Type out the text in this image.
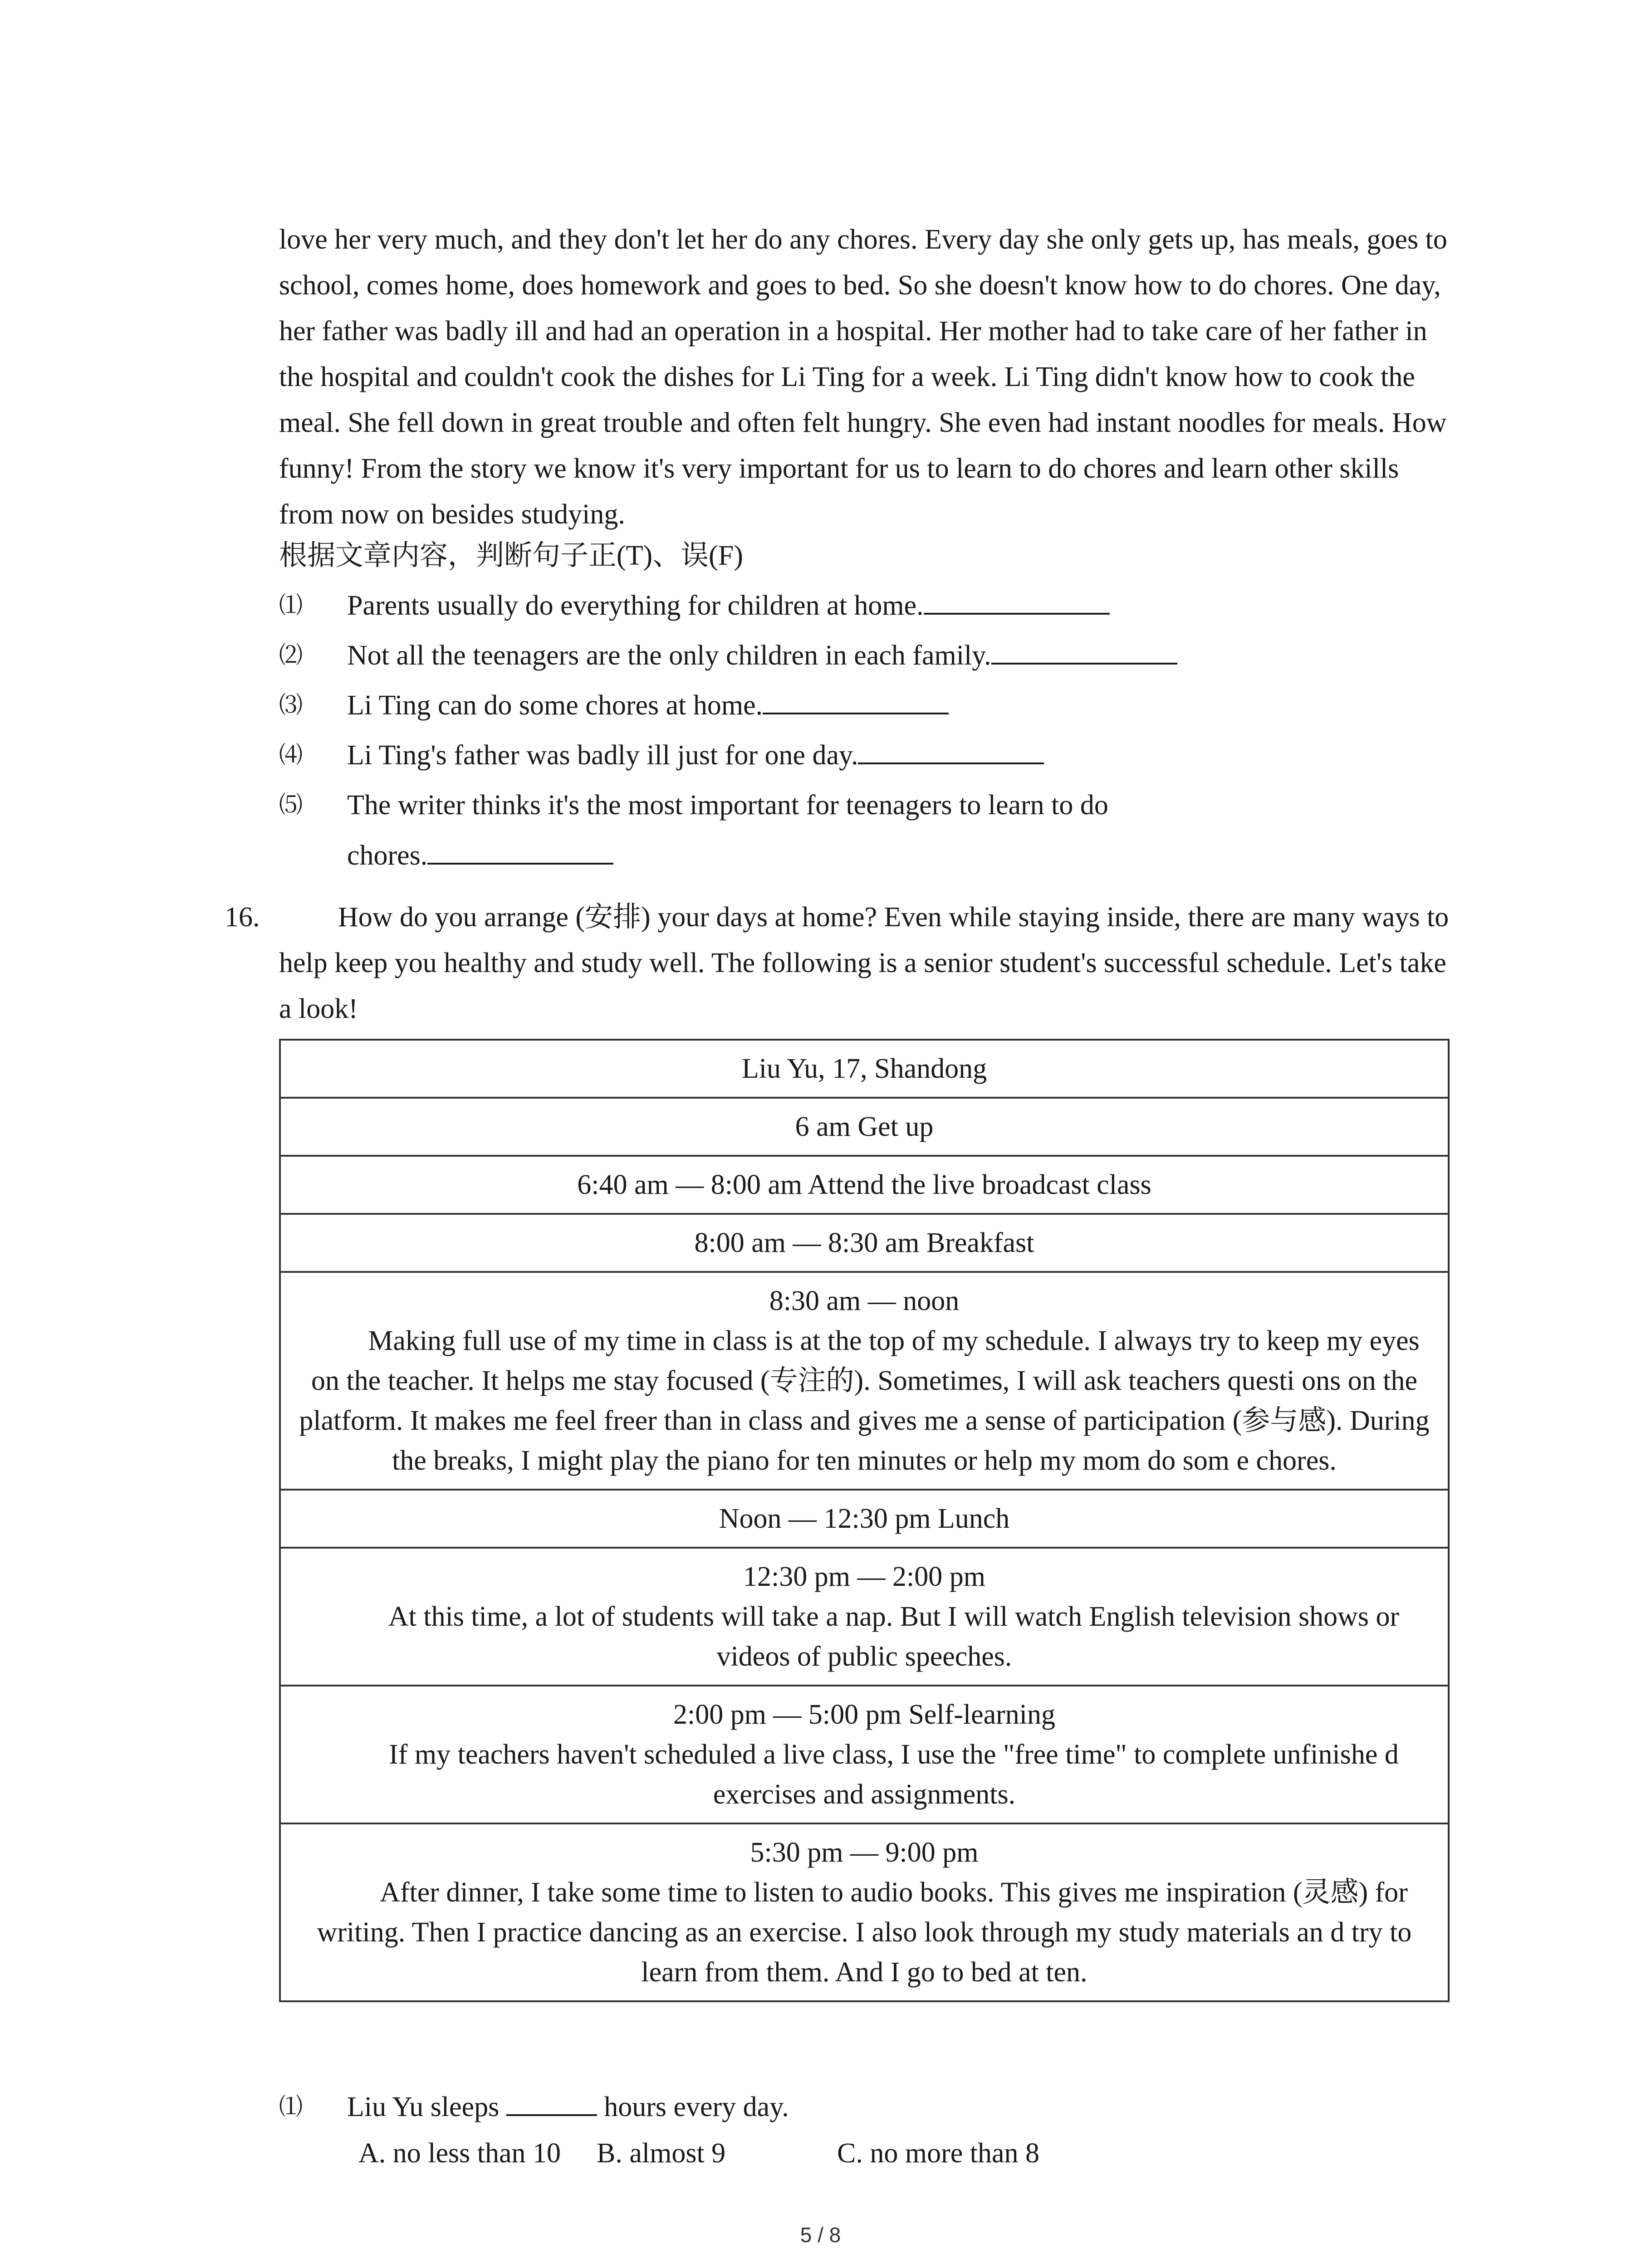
love her very much, and they don't let her do any chores. Every day she only gets up, has meals, goes to school, comes home, does homework and goes to bed. So she doesn't know how to do chores. One day, her father was badly ill and had an operation in a hospital. Her mother had to take care of her father in the hospital and couldn't cook the dishes for Li Ting for a week. Li Ting didn't know how to cook the meal. She fell down in great trouble and often felt hungry. She even had instant noodles for meals. How funny! From the story we know it's very important for us to learn to do chores and learn other skills from now on besides studying.
根据文章内容，判断句子正(T)、误(F)
⑴ Parents usually do everything for children at home.
⑵ Not all the teenagers are the only children in each family.
⑶ Li Ting can do some chores at home.
⑷ Li Ting's father was badly ill just for one day.
⑸ The writer thinks it's the most important for teenagers to learn to do
chores.
16.	How do you arrange (安排) your days at home? Even while staying inside, there are many ways to help keep you healthy and study well. The following is a senior student's successful schedule. Let's take a look!
Liu Yu, 17, Shandong

6 am Get up

6:40 am — 8:00 am Attend the live broadcast class

8:00 am — 8:30 am Breakfast

8:30 am — noon
Making full use of my time in class is at the top of my schedule. I always try to keep my eyes on the teacher. It helps me stay focused (专注的). Sometimes, I will ask teachers questi ons on the platform. It makes me feel freer than in class and gives me a sense of participation (参与感). During the breaks, I might play the piano for ten minutes or help my mom do som e chores.

Noon — 12:30 pm Lunch

12:30 pm — 2:00 pm
At this time, a lot of students will take a nap. But I will watch English television shows or videos of public speeches.

2:00 pm — 5:00 pm Self-learning
If my teachers haven't scheduled a live class, I use the "free time" to complete unfinishe d exercises and assignments.

5:30 pm — 9:00 pm
After dinner, I take some time to listen to audio books. This gives me inspiration (灵感) for writing. Then I practice dancing as an exercise. I also look through my study materials an d try to learn from them. And I go to bed at ten.
⑴ Liu Yu sleeps	hours every day.
A. no less than 10 B. almost 9	C. no more than 8
5 / 8
